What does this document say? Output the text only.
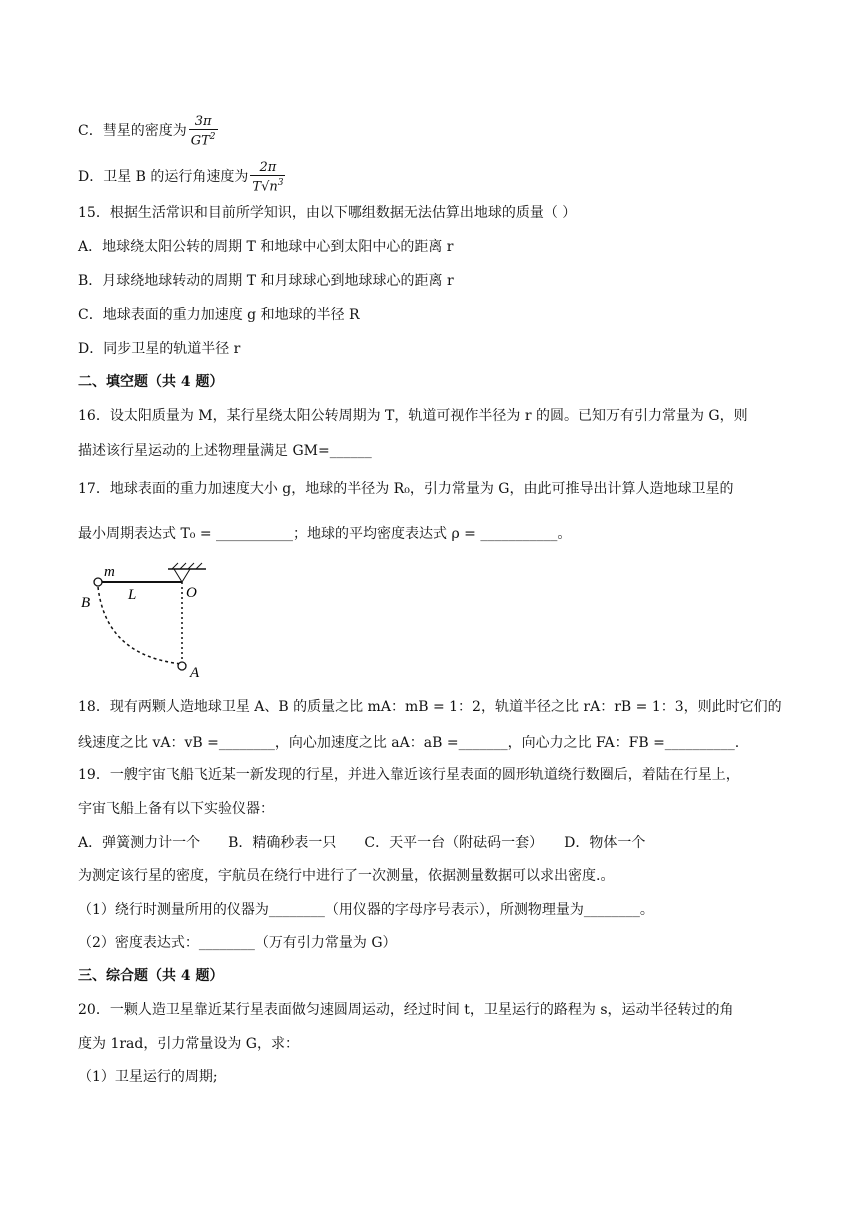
C．彗星的密度为 $\frac{3\pi}{GT^2}$
D．卫星 B 的运行角速度为 $\frac{2\pi}{T√n^3}$
15．根据生活常识和目前所学知识，由以下哪组数据无法估算出地球的质量（ ）
A．地球绕太阳公转的周期 T 和地球中心到太阳中心的距离 r
B．月球绕地球转动的周期 T 和月球球心到地球球心的距离 r
C．地球表面的重力加速度 g 和地球的半径 R
D．同步卫星的轨道半径 r
二、填空题（共 4 题）
16．设太阳质量为 M，某行星绕太阳公转周期为 T，轨道可视作半径为 r 的圆。已知万有引力常量为 G，则
描述该行星运动的上述物理量满足 GM=______
17．地球表面的重力加速度大小 g，地球的半径为 R₀，引力常量为 G，由此可推导出计算人造地球卫星的
最小周期表达式 T₀ = ___________；地球的平均密度表达式 ρ = ___________。
m
L	O
B
A
18．现有两颗人造地球卫星 A、B 的质量之比 mA：mB = 1：2，轨道半径之比 rA：rB = 1：3，则此时它们的
线速度之比 vA：vB =________，向心加速度之比 aA：aB =_______，向心力之比 FA：FB =__________.
19．一艘宇宙飞船飞近某一新发现的行星，并进入靠近该行星表面的圆形轨道绕行数圈后，着陆在行星上，
宇宙飞船上备有以下实验仪器：
A．弹簧测力计一个　　B．精确秒表一只　　C．天平一台（附砝码一套）　　D．物体一个
为测定该行星的密度，宇航员在绕行中进行了一次测量，依据测量数据可以求出密度.。
（1）绕行时测量所用的仪器为________（用仪器的字母序号表示），所测物理量为________。
（2）密度表达式：________（万有引力常量为 G）
三、综合题（共 4 题）
20．一颗人造卫星靠近某行星表面做匀速圆周运动，经过时间 t，卫星运行的路程为 s，运动半径转过的角
度为 1rad，引力常量设为 G，求：
（1）卫星运行的周期;
